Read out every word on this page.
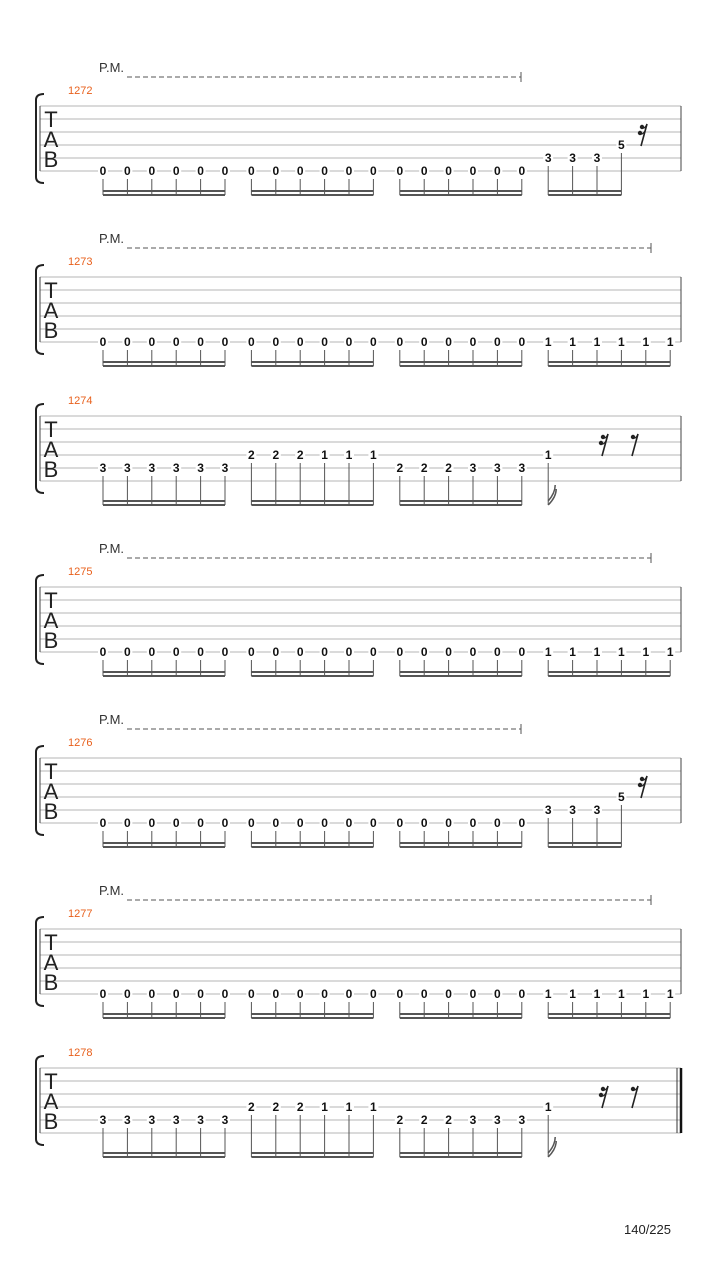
P.M.
1272
T
A
B	0 0 0 0 0 0 0 0 0 0 0 0 0 0 0 0 0 0
3 3 3
5
P.M.
1273
T
A
B	0 0 0 0 0 0 0 0 0 0 0 0 0 0 0 0 0 0 1 1 1 1 1 1
1274
T
A
B	3 3 3 3 3 3
2 2 2 1 1 1
2 2 2 3 3 3
1
P.M.
1275
T
A
B	0 0 0 0 0 0 0 0 0 0 0 0 0 0 0 0 0 0 1 1 1 1 1 1
P.M.
1276
T
A
B	0 0 0 0 0 0 0 0 0 0 0 0 0 0 0 0 0 0
3 3 3
5
P.M.
1277
T
A
B	0 0 0 0 0 0 0 0 0 0 0 0 0 0 0 0 0 0 1 1 1 1 1 1
1278
T
A
B	3 3 3 3 3 3
2 2 2 1 1 1
2 2 2 3 3 3
1
140/225
